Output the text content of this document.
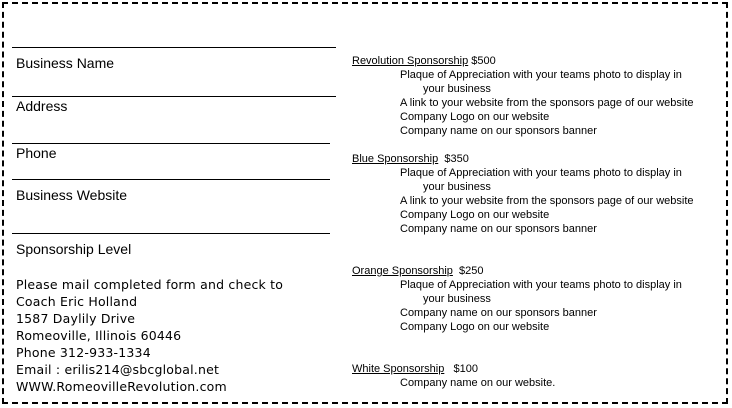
Business Name
Address
Phone
Business Website
Sponsorship Level
Please mail completed form and check to
Coach Eric Holland
1587 Daylily Drive
Romeoville, Illinois 60446
Phone 312-933-1334
Email : erilis214@sbcglobal.net
WWW.RomeovilleRevolution.com
Revolution Sponsorship $500
Plaque of Appreciation with your teams photo to display in
your business
A link to your website from the sponsors page of our website
Company Logo on our website
Company name on our sponsors banner
Blue Sponsorship $350
Plaque of Appreciation with your teams photo to display in
your business
A link to your website from the sponsors page of our website
Company Logo on our website
Company name on our sponsors banner
Orange Sponsorship $250
Plaque of Appreciation with your teams photo to display in
your business
Company name on our sponsors banner
Company Logo on our website
White Sponsorship $100
Company name on our website.
